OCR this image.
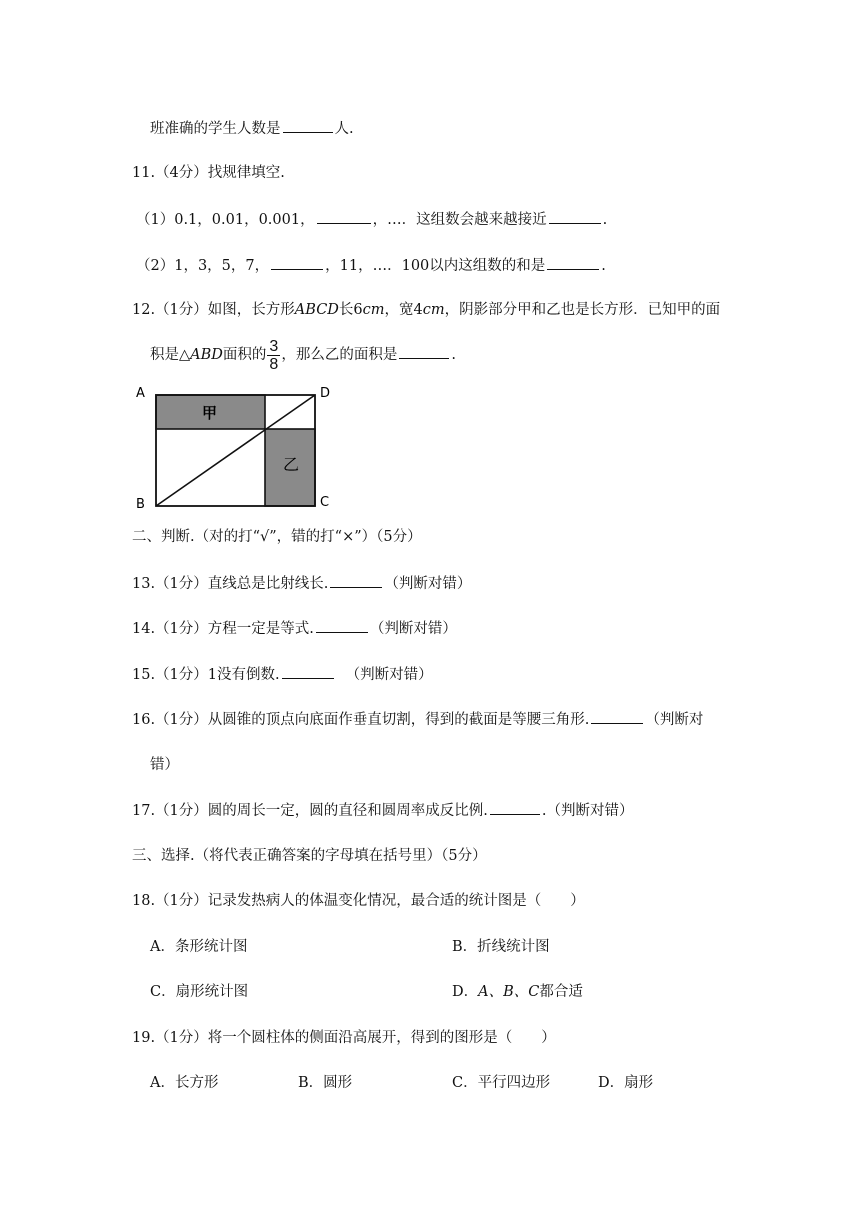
班准确的学生人数是	人.
11.（4分）找规律填空.
（1）0.1，0.01，0.001，	，…．这组数会越来越接近	.
（2）1，3，5，7，	，11，…．100以内这组数的和是	.
12.（1分）如图，长方形ABCD长6cm，宽4cm，阴影部分甲和乙也是长方形．已知甲的面
积是△ABD面积的 $\frac{3}{8}$ ，那么乙的面积是	.
A
B	C
D
甲
乙
二、判断.（对的打“√”，错的打“×”）（5分）
13.（1分）直线总是比射线长.	（判断对错）
14.（1分）方程一定是等式.	（判断对错）
15.（1分）1没有倒数.	（判断对错）
16.（1分）从圆锥的顶点向底面作垂直切割，得到的截面是等腰三角形.	（判断对
错）
17.（1分）圆的周长一定，圆的直径和圆周率成反比例.	.（判断对错）
三、选择.（将代表正确答案的字母填在括号里）（5分）
18.（1分）记录发热病人的体温变化情况，最合适的统计图是（　　）
A．条形统计图	B．折线统计图
C．扇形统计图	D．A、B、C都合适
19.（1分）将一个圆柱体的侧面沿高展开，得到的图形是（　　）
A．长方形	B．圆形	C．平行四边形	D．扇形
